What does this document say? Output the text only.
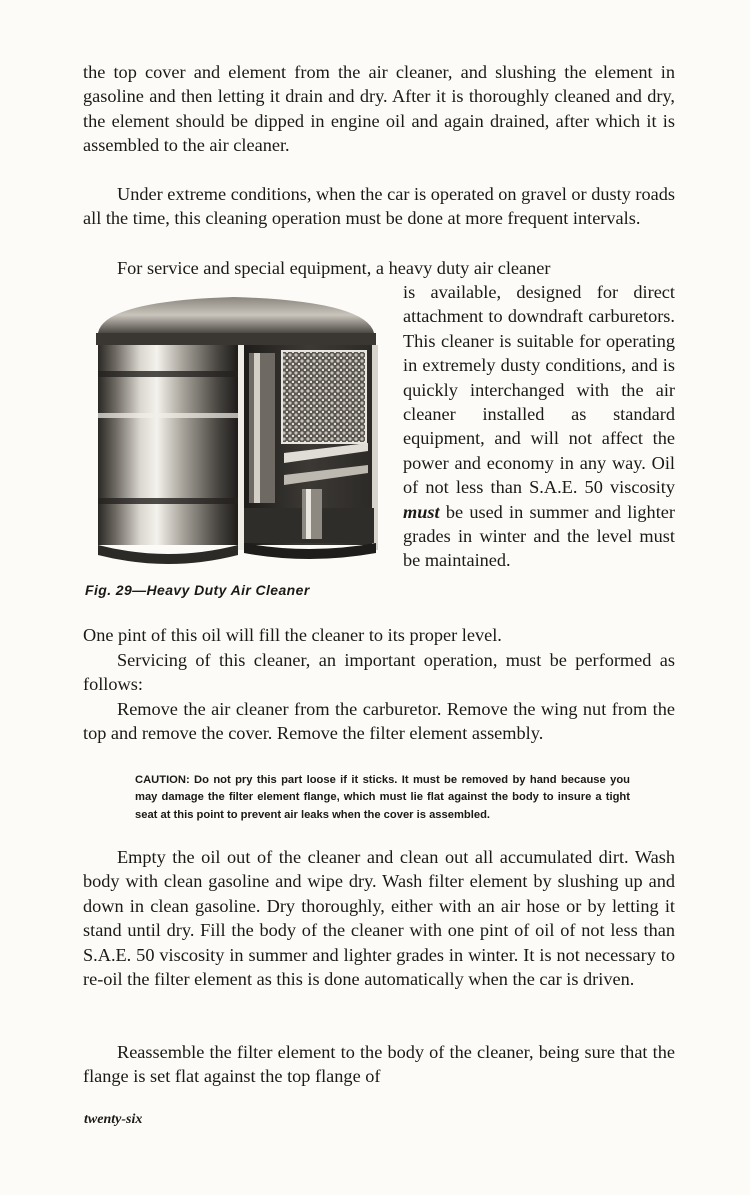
the top cover and element from the air cleaner, and slushing the element in gasoline and then letting it drain and dry. After it is thoroughly cleaned and dry, the element should be dipped in engine oil and again drained, after which it is assembled to the air cleaner.

Under extreme conditions, when the car is operated on gravel or dusty roads all the time, this cleaning operation must be done at more frequent intervals.

For service and special equipment, a heavy duty air cleaner

is available, designed for direct attachment to downdraft carburetors. This cleaner is suitable for operating in extremely dusty conditions, and is quickly interchanged with the air cleaner installed as standard equipment, and will not affect the power and economy in any way. Oil of not less than S.A.E. 50 viscosity must be used in summer and lighter grades in winter and the level must be maintained.

Fig. 29—Heavy Duty Air Cleaner

One pint of this oil will fill the cleaner to its proper level.

Servicing of this cleaner, an important operation, must be performed as follows:

Remove the air cleaner from the carburetor. Remove the wing nut from the top and remove the cover. Remove the filter element assembly.

CAUTION: Do not pry this part loose if it sticks. It must be removed by hand because you may damage the filter element flange, which must lie flat against the body to insure a tight seat at this point to prevent air leaks when the cover is assembled.

Empty the oil out of the cleaner and clean out all accumulated dirt. Wash body with clean gasoline and wipe dry. Wash filter element by slushing up and down in clean gasoline. Dry thoroughly, either with an air hose or by letting it stand until dry. Fill the body of the cleaner with one pint of oil of not less than S.A.E. 50 viscosity in summer and lighter grades in winter. It is not necessary to re-oil the filter element as this is done automatically when the car is driven.

Reassemble the filter element to the body of the cleaner, being sure that the flange is set flat against the top flange of

twenty-six
